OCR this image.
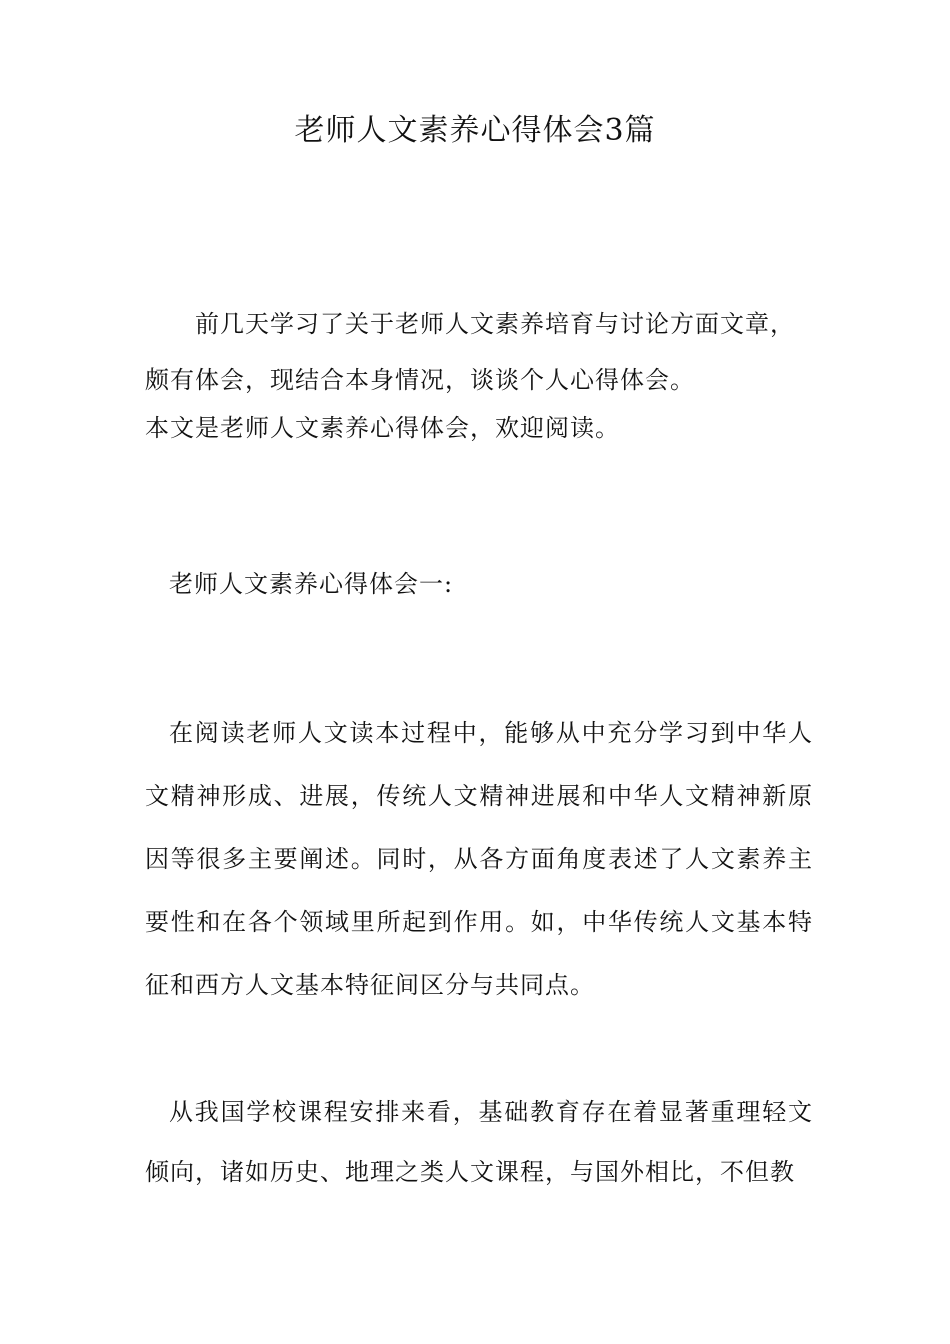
老师人文素养心得体会3篇
前几天学习了关于老师人文素养培育与讨论方面文章，
颇有体会，现结合本身情况，谈谈个人心得体会。
本文是老师人文素养心得体会，欢迎阅读。
老师人文素养心得体会一:
在阅读老师人文读本过程中，能够从中充分学习到中华人文精神形成、进展，传统人文精神进展和中华人文精神新原因等很多主要阐述。同时，从各方面角度表述了人文素养主要性和在各个领域里所起到作用。如，中华传统人文基本特征和西方人文基本特征间区分与共同点。
从我国学校课程安排来看，基础教育存在着显著重理轻文倾向，诸如历史、地理之类人文课程，与国外相比，不但教
